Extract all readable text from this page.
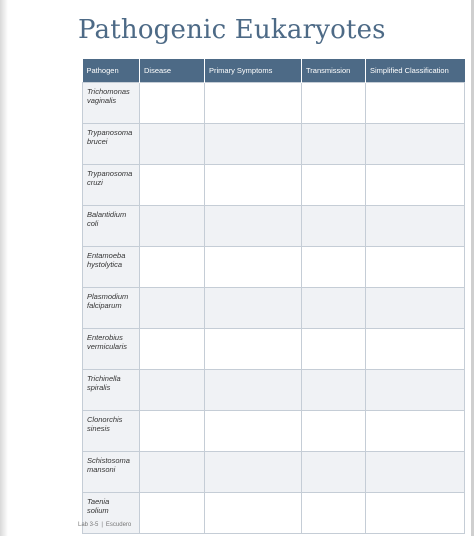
Pathogenic Eukaryotes
Pathogen	Disease	Primary Symptoms	Transmission	Simplified Classification

Trichomonas
vaginalis				

Trypanosoma
brucei				

Trypanosoma
cruzi				

Balantidium
coli				

Entamoeba
hystolytica				

Plasmodium
falciparum				

Enterobius
vermicularis				

Trichinella
spiralis				

Clonorchis
sinesis				

Schistosoma
mansoni				

Taenia
solium				

Lab 3-5 | Escudero
